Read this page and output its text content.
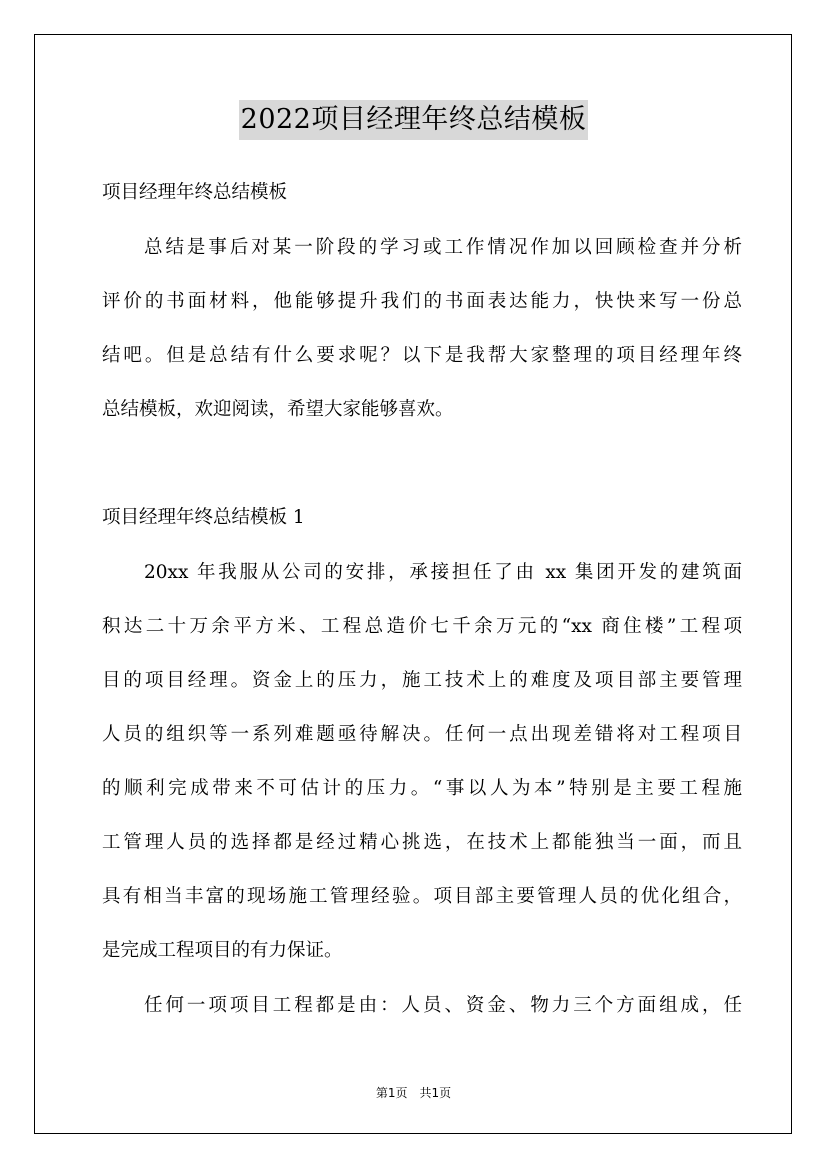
2022项目经理年终总结模板
项目经理年终总结模板
总结是事后对某一阶段的学习或工作情况作加以回顾检查并分析
评价的书面材料，他能够提升我们的书面表达能力，快快来写一份总
结吧。但是总结有什么要求呢？以下是我帮大家整理的项目经理年终
总结模板，欢迎阅读，希望大家能够喜欢。
项目经理年终总结模板 1
20xx 年我服从公司的安排，承接担任了由 xx 集团开发的建筑面
积达二十万余平方米、工程总造价七千余万元的“xx 商住楼”工程项
目的项目经理。资金上的压力，施工技术上的难度及项目部主要管理
人员的组织等一系列难题亟待解决。任何一点出现差错将对工程项目
的顺利完成带来不可估计的压力。“事以人为本”特别是主要工程施
工管理人员的选择都是经过精心挑选，在技术上都能独当一面，而且
具有相当丰富的现场施工管理经验。项目部主要管理人员的优化组合，
是完成工程项目的有力保证。
任何一项项目工程都是由：人员、资金、物力三个方面组成，任
第1页　共1页
